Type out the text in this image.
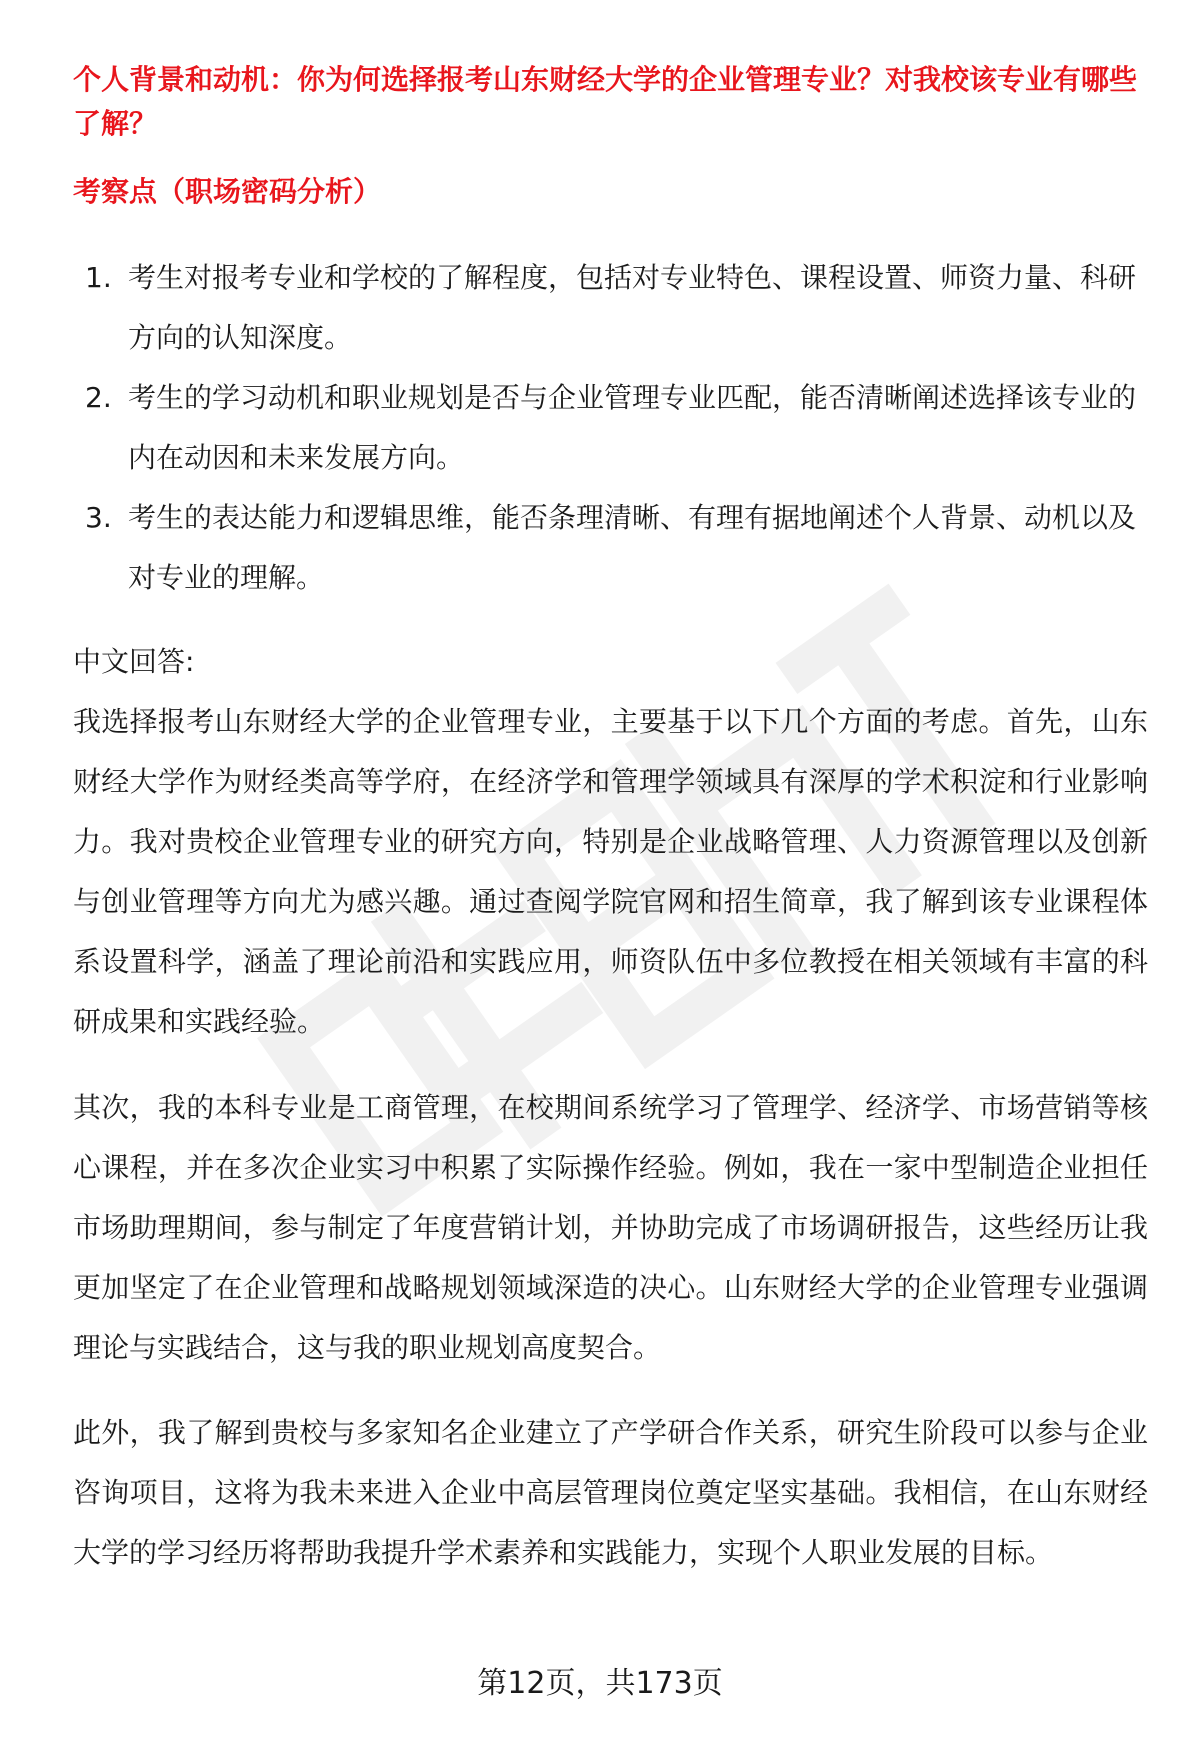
个人背景和动机：你为何选择报考山东财经大学的企业管理专业？对我校该专业有哪些了解？
考察点（职场密码分析）
1. 考生对报考专业和学校的了解程度，包括对专业特色、课程设置、师资力量、科研方向的认知深度。
2. 考生的学习动机和职业规划是否与企业管理专业匹配，能否清晰阐述选择该专业的内在动因和未来发展方向。
3. 考生的表达能力和逻辑思维，能否条理清晰、有理有据地阐述个人背景、动机以及对专业的理解。

中文回答:

我选择报考山东财经大学的企业管理专业，主要基于以下几个方面的考虑。首先，山东财经大学作为财经类高等学府，在经济学和管理学领域具有深厚的学术积淀和行业影响力。我对贵校企业管理专业的研究方向，特别是企业战略管理、人力资源管理以及创新与创业管理等方向尤为感兴趣。通过查阅学院官网和招生简章，我了解到该专业课程体系设置科学，涵盖了理论前沿和实践应用，师资队伍中多位教授在相关领域有丰富的科研成果和实践经验。

其次，我的本科专业是工商管理，在校期间系统学习了管理学、经济学、市场营销等核心课程，并在多次企业实习中积累了实际操作经验。例如，我在一家中型制造企业担任市场助理期间，参与制定了年度营销计划，并协助完成了市场调研报告，这些经历让我更加坚定了在企业管理和战略规划领域深造的决心。山东财经大学的企业管理专业强调理论与实践结合，这与我的职业规划高度契合。

此外，我了解到贵校与多家知名企业建立了产学研合作关系，研究生阶段可以参与企业咨询项目，这将为我未来进入企业中高层管理岗位奠定坚实基础。我相信，在山东财经大学的学习经历将帮助我提升学术素养和实践能力，实现个人职业发展的目标。

第12页，共173页
